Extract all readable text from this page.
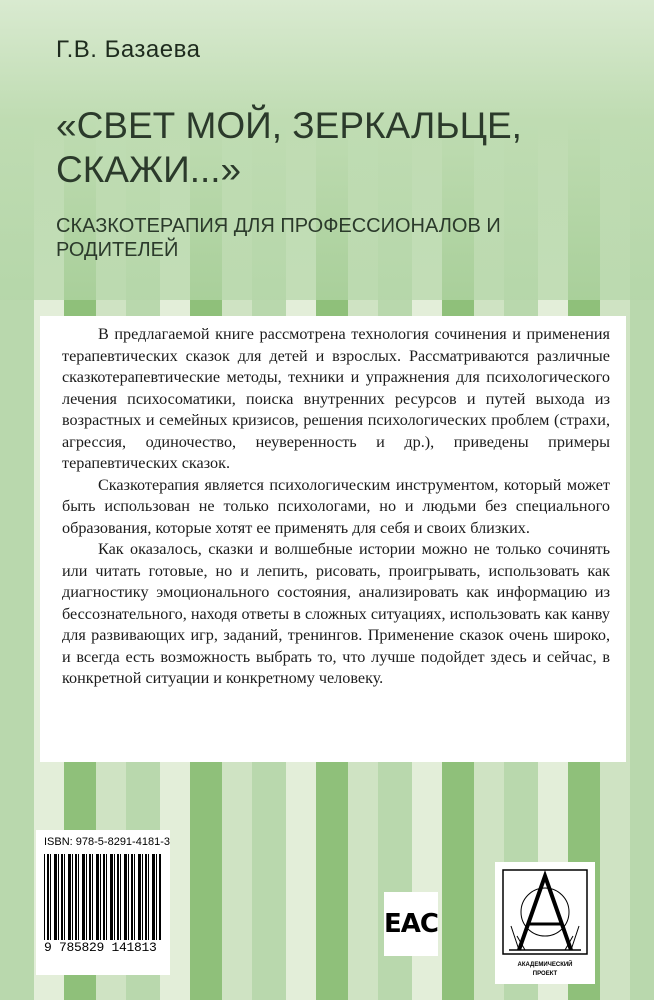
Г.В. Базаева
«СВЕТ МОЙ, ЗЕРКАЛЬЦЕ, СКАЖИ...»
СКАЗКОТЕРАПИЯ ДЛЯ ПРОФЕССИОНАЛОВ И РОДИТЕЛЕЙ

В предлагаемой книге рассмотрена технология сочинения и применения терапевтических сказок для детей и взрослых. Рассматриваются различные сказкотерапевтические методы, техники и упражнения для психологического лечения психосоматики, поиска внутренних ресурсов и путей выхода из возрастных и семейных кризисов, решения психологических проблем (страхи, агрессия, одиночество, неуверенность и др.), приведены примеры терапевтических сказок.

Сказкотерапия является психологическим инструментом, который может быть использован не только психологами, но и людьми без специального образования, которые хотят ее применять для себя и своих близких.

Как оказалось, сказки и волшебные истории можно не только сочинять или читать готовые, но и лепить, рисовать, проигрывать, использовать как диагностику эмоционального состояния, анализировать как информацию из бессознательного, находя ответы в сложных ситуациях, использовать как канву для развивающих игр, заданий, тренингов. Применение сказок очень широко, и всегда есть возможность выбрать то, что лучше подойдет здесь и сейчас, в конкретной ситуации и конкретному человеку.

ISBN: 978-5-8291-4181-3
9 785829 141813
EAC
АКАДЕМИЧЕСКИЙ
ПРОЕКТ
